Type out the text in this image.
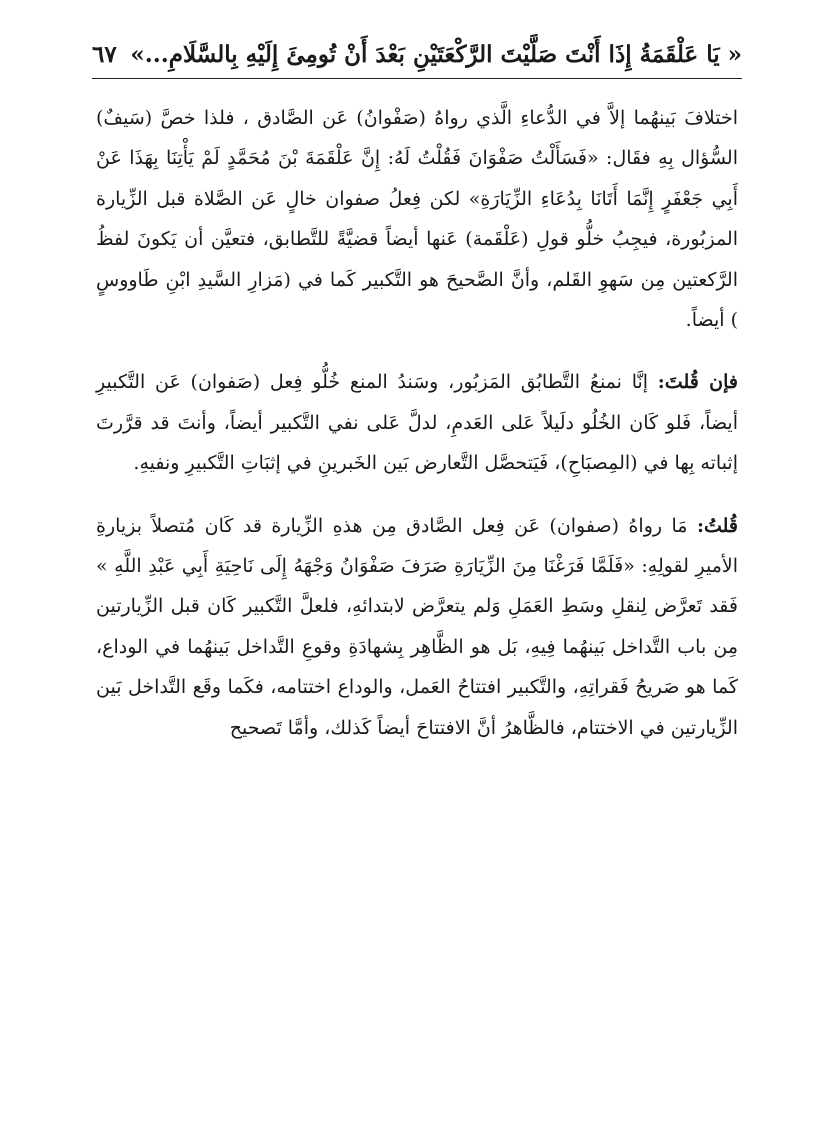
« يَا عَلْقَمَةُ إِذَا أَنْتَ صَلَّيْتَ الرَّكْعَتَيْنِ بَعْدَ أَنْ تُومِئَ إِلَيْهِ بِالسَّلَامِ...»
٦٧

اختلافَ بَينهُما إلاَّ في الدُّعاءِ الَّذي رواهُ (صَفْوانُ) عَن الصَّادق ، فلذا خصَّ (سَيفٌ) السُّؤال بِهِ فقَال: «فَسَأَلْتُ صَفْوَانَ فَقُلْتُ لَهُ: إِنَّ عَلْقَمَةَ بْنَ مُحَمَّدٍ لَمْ يَأْتِنَا بِهَذَا عَنْ أَبِي جَعْفَرٍ إِنَّمَا أَتَانَا بِدُعَاءِ الزِّيَارَةِ» لكن فِعلُ صفوان خالٍ عَن الصَّلاة قبل الزِّيارة المزبُورة، فيجِبُ خلُّو قولِ (عَلْقَمة) عَنها أيضاً قضيَّةً للتَّطابق، فتعيَّن أن يَكونَ لفظُ الرَّكعتين مِن سَهوِ القَلم، وأنَّ الصَّحيحَ هو التَّكبير كَما في (مَزارِ السَّيدِ ابْنِ طَاووسٍ ) أيضاً.

فإن قُلتَ: إنَّا نمنعُ التَّطابُق المَزبُور، وسَندُ المنع خُلُّو فِعل (صَفوان) عَن التَّكبيرِ أيضاً، فَلو كَان الخُلُو دلَيلاً عَلى العَدمِ، لدلَّ عَلى نفي التَّكبير أيضاً، وأنتَ قد قرَّرتَ إثباته بِها في (المِصبَاحِ)، فَيَتحصَّل التَّعارض بَين الخَبرينِ في إثبَاتِ التَّكبيرِ ونفيهِ.

قُلتُ: مَا رواهُ (صفوان) عَن فِعل الصَّادق مِن هذهِ الزِّيارة قد كَان مُتصلاً بزيارةِ الأميرِ لقولِهِ: «فَلَمَّا فَرَغْنَا مِنَ الزِّيَارَةِ صَرَفَ صَفْوَانُ وَجْهَهُ إِلَى نَاحِيَةِ أَبِي عَبْدِ اللَّهِ » فَقد تَعرَّض لِنقلِ وسَطِ العَمَلِ وَلم يتعرَّض لابتدائهِ، فلعلَّ التَّكبير كَان قبل الزِّيارتين مِن باب التَّداخل بَينهُما فِيهِ، بَل هو الظَّاهِر بِشهادَةِ وقوعِ التَّداخل بَينهُما في الوداع، كَما هو صَريحُ فَقراتِهِ، والتَّكبير افتتاحُ العَمل، والوداع اختتامه، فكَما وقَع التَّداخل بَين الزِّيارتين في الاختتام، فالظَّاهرُ أنَّ الافتتاحَ أيضاً كَذلك، وأمَّا تَصحيح
